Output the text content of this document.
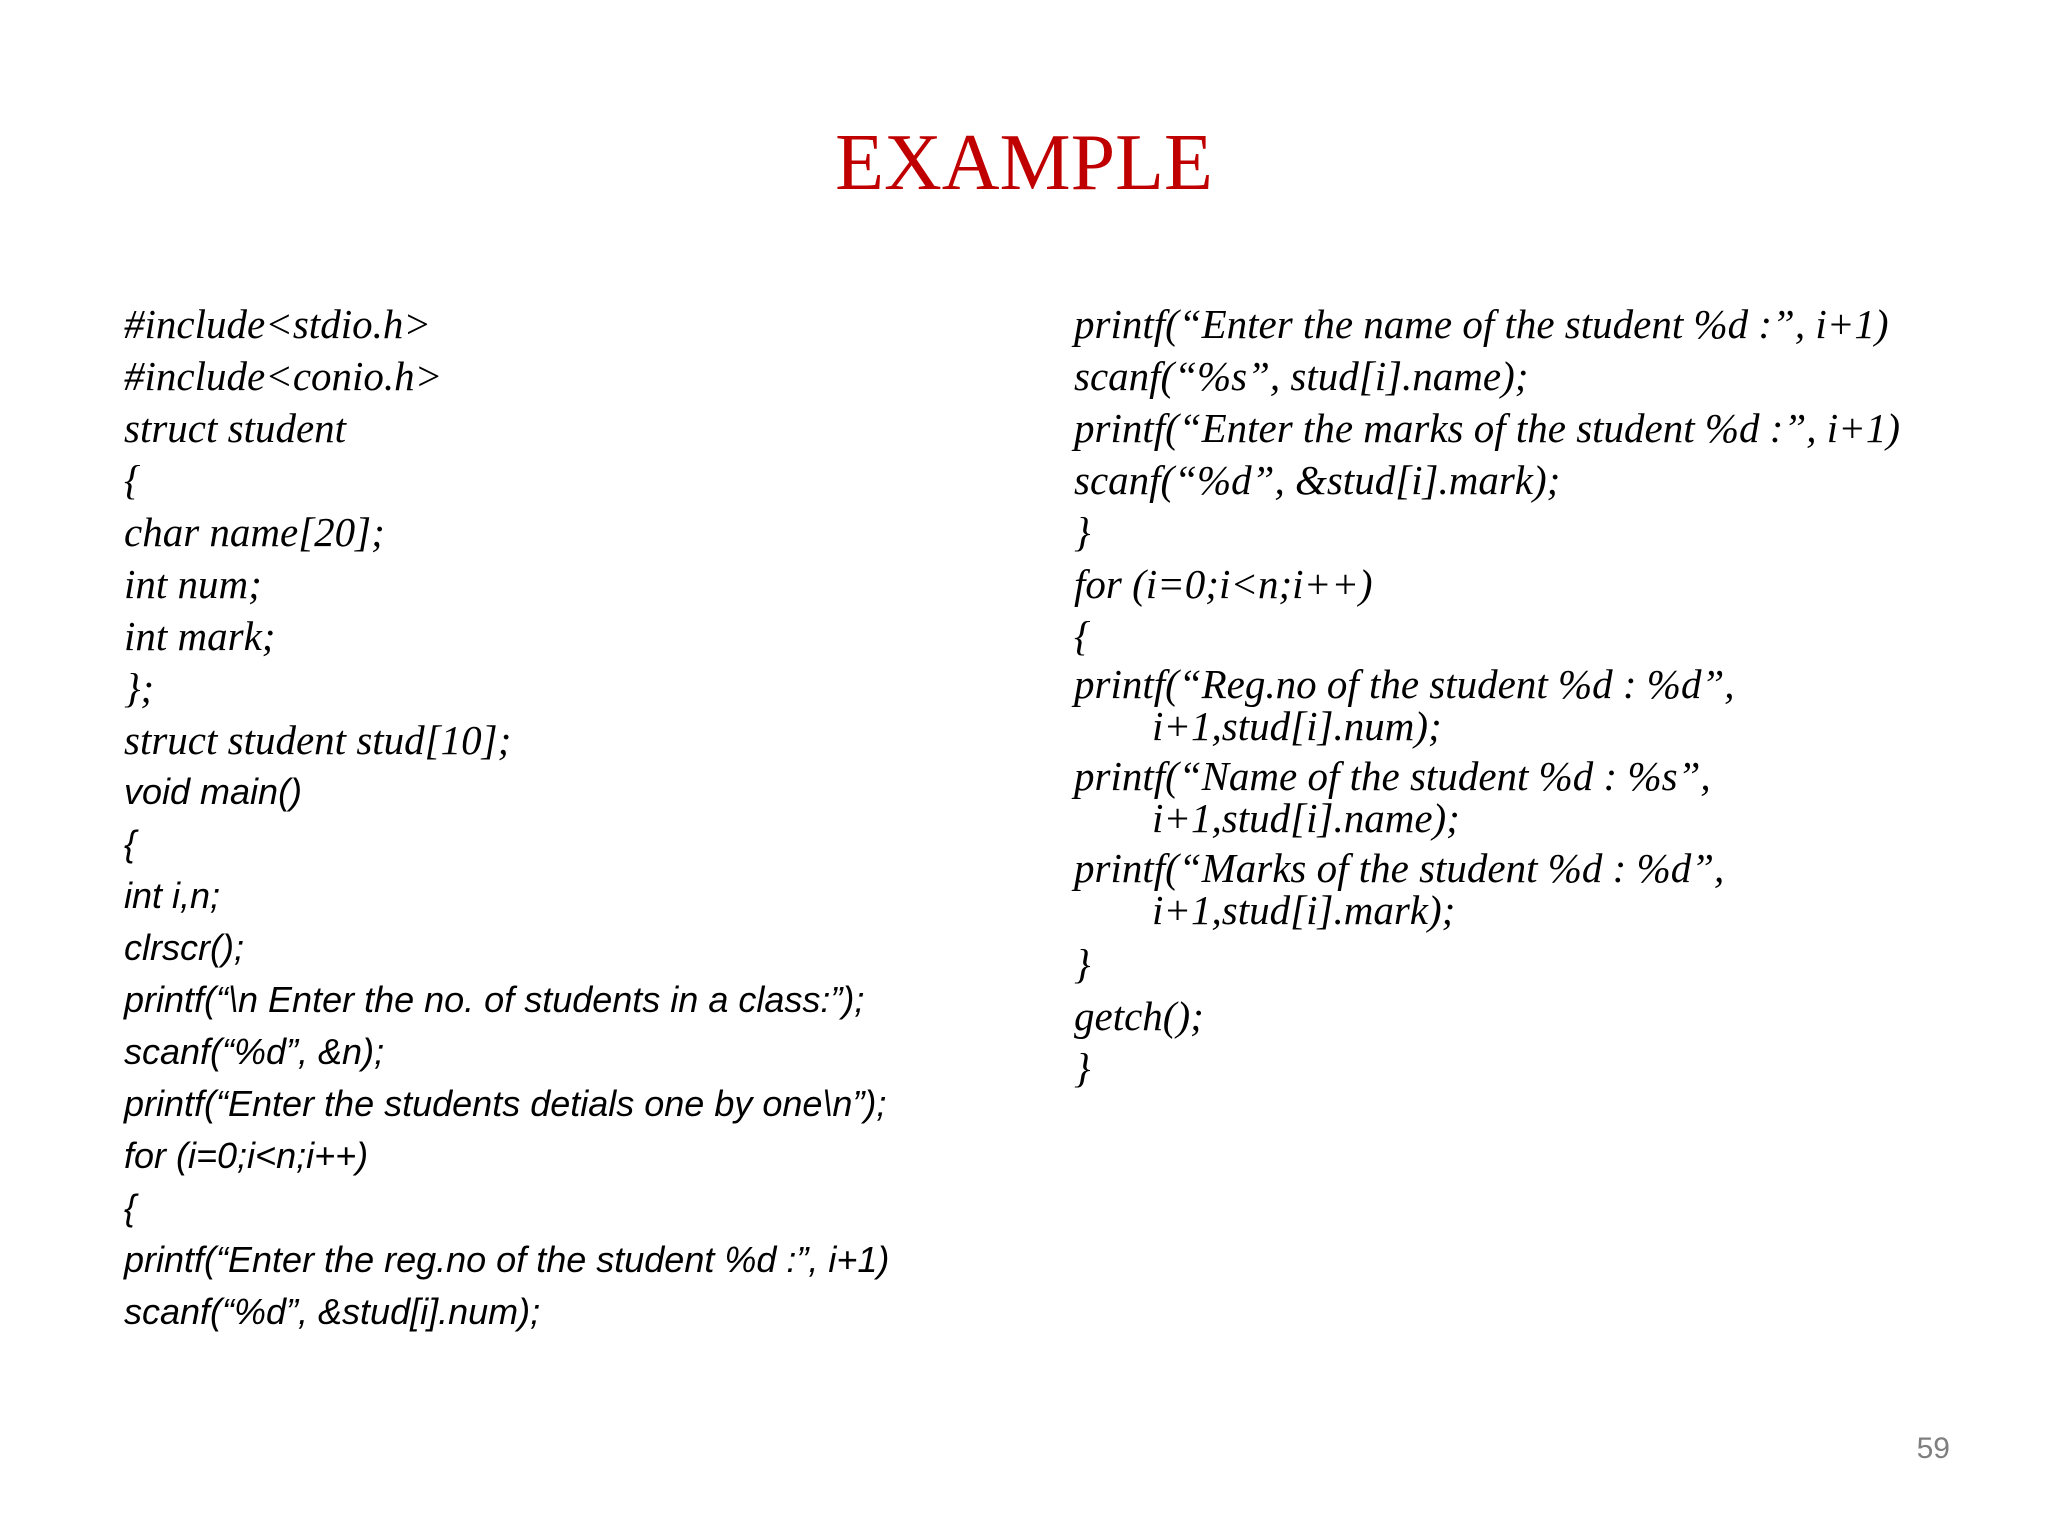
EXAMPLE
#include<stdio.h>
#include<conio.h>
struct student
{
char name[20];
int num;
int mark;
};
struct student stud[10];
void main()
{
int i,n;
clrscr();
printf(“\n Enter the no. of students in a class:”);
scanf(“%d”, &n);
printf(“Enter the students detials one by one\n”);
for (i=0;i<n;i++)
{
printf(“Enter the reg.no of the student %d :”, i+1)
scanf(“%d”, &stud[i].num);
printf(“Enter the name of the student %d :”, i+1)
scanf(“%s”, stud[i].name);
printf(“Enter the marks of the student %d :”, i+1)
scanf(“%d”, &stud[i].mark);
}
for (i=0;i<n;i++)
{
printf(“Reg.no of the student %d : %d”,
i+1,stud[i].num);
printf(“Name of the student %d : %s”,
i+1,stud[i].name);
printf(“Marks of the student %d : %d”,
i+1,stud[i].mark);
}
getch();
}
59
